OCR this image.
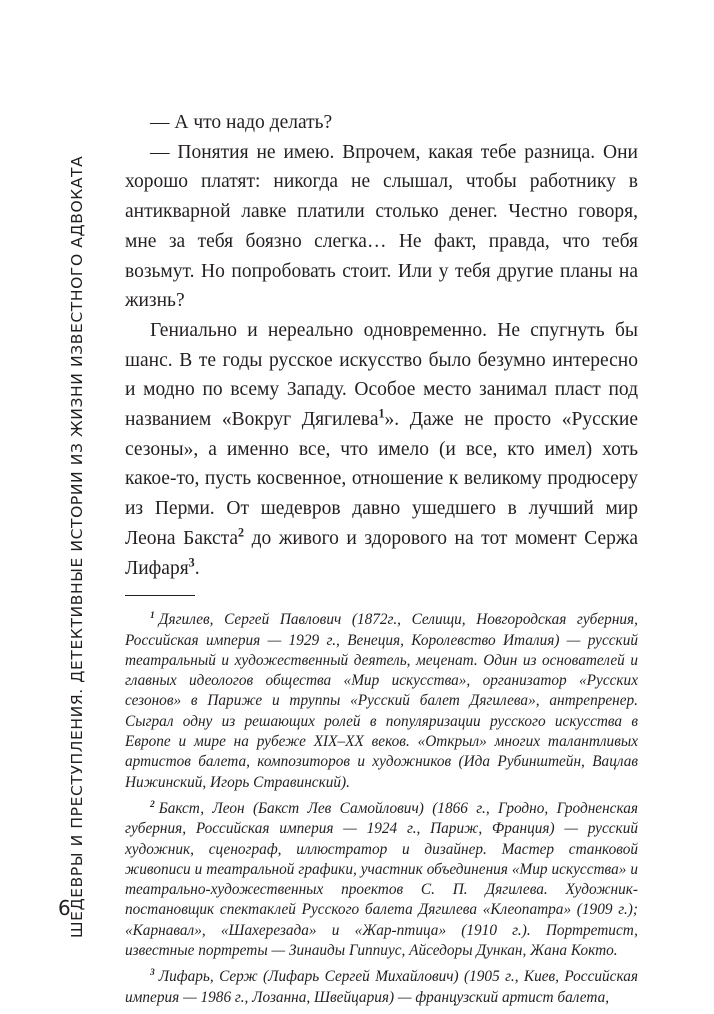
ШЕДЕВРЫ И ПРЕСТУПЛЕНИЯ. ДЕТЕКТИВНЫЕ ИСТОРИИ ИЗ ЖИЗНИ ИЗВЕСТНОГО АДВОКАТА
6

— А что надо делать?

— Понятия не имею. Впрочем, какая тебе разница. Они хорошо платят: никогда не слышал, чтобы работнику в антикварной лавке платили столько денег. Честно говоря, мне за тебя боязно слегка… Не факт, правда, что тебя возьмут. Но попробовать стоит. Или у тебя другие планы на жизнь?

Гениально и нереально одновременно. Не спугнуть бы шанс. В те годы русское искусство было безумно интересно и модно по всему Западу. Особое место занимал пласт под названием «Вокруг Дягилева$^1$». Даже не просто «Русские сезоны», а именно все, что имело (и все, кто имел) хоть какое-то, пусть косвенное, отношение к великому продюсеру из Перми. От шедевров давно ушедшего в лучший мир Леона Бакста$^2$ до живого и здорового на тот момент Сержа Лифаря$^3$.

$^1$ Дягилев, Сергей Павлович (1872г., Селищи, Новгородская губерния, Российская империя — 1929 г., Венеция, Королевство Италия) — русский театральный и художественный деятель, меценат. Один из основателей и главных идеологов общества «Мир искусства», организатор «Русских сезонов» в Париже и труппы «Русский балет Дягилева», антрепренер. Сыграл одну из решающих ролей в популяризации русского искусства в Европе и мире на рубеже XIX–XX веков. «Открыл» многих талантливых артистов балета, композиторов и художников (Ида Рубинштейн, Вацлав Нижинский, Игорь Стравинский).

$^2$ Бакст, Леон (Бакст Лев Самойлович) (1866 г., Гродно, Гродненская губерния, Российская империя — 1924 г., Париж, Франция) — русский художник, сценограф, иллюстратор и дизайнер. Мастер станковой живописи и театральной графики, участник объединения «Мир искусства» и театрально-художественных проектов С. П. Дягилева. Художник-постановщик спектаклей Русского балета Дягилева «Клеопатра» (1909 г.); «Карнавал», «Шахерезада» и «Жар-птица» (1910 г.). Портретист, известные портреты — Зинаиды Гиппиус, Айседоры Дункан, Жана Кокто.

$^3$ Лифарь, Серж (Лифарь Сергей Михайлович) (1905 г., Киев, Российская империя — 1986 г., Лозанна, Швейцария) — французский артист балета,
